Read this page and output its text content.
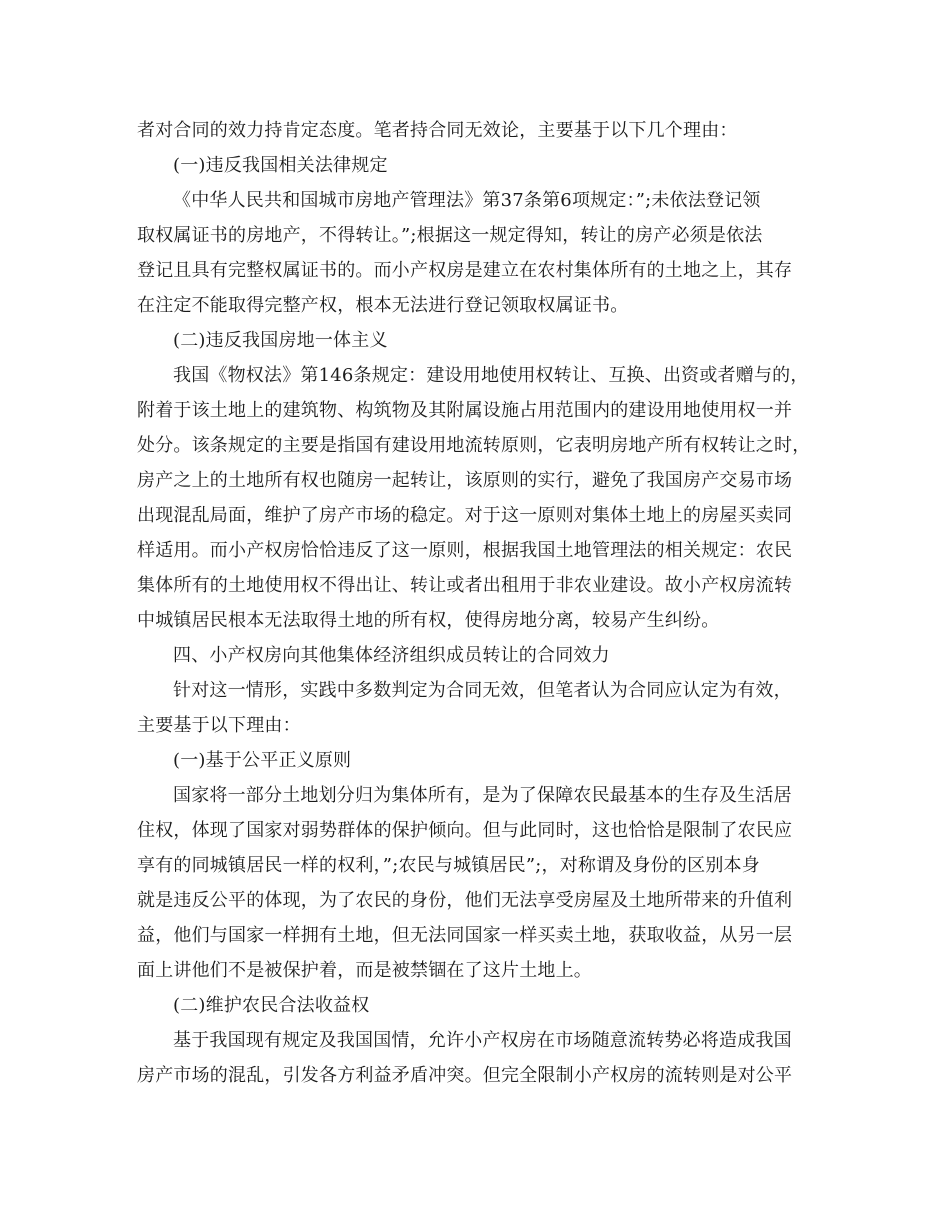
者对合同的效力持肯定态度。笔者持合同无效论，主要基于以下几个理由：

(一)违反我国相关法律规定

《中华人民共和国城市房地产管理法》第37条第6项规定：”;未依法登记领

取权属证书的房地产，不得转让。”;根据这一规定得知，转让的房产必须是依法

登记且具有完整权属证书的。而小产权房是建立在农村集体所有的土地之上，其存

在注定不能取得完整产权，根本无法进行登记领取权属证书。

(二)违反我国房地一体主义

我国《物权法》第146条规定：建设用地使用权转让、互换、出资或者赠与的，

附着于该土地上的建筑物、构筑物及其附属设施占用范围内的建设用地使用权一并

处分。该条规定的主要是指国有建设用地流转原则，它表明房地产所有权转让之时，

房产之上的土地所有权也随房一起转让，该原则的实行，避免了我国房产交易市场

出现混乱局面，维护了房产市场的稳定。对于这一原则对集体土地上的房屋买卖同

样适用。而小产权房恰恰违反了这一原则，根据我国土地管理法的相关规定：农民

集体所有的土地使用权不得出让、转让或者出租用于非农业建设。故小产权房流转

中城镇居民根本无法取得土地的所有权，使得房地分离，较易产生纠纷。

四、小产权房向其他集体经济组织成员转让的合同效力

针对这一情形，实践中多数判定为合同无效，但笔者认为合同应认定为有效，

主要基于以下理由：

(一)基于公平正义原则

国家将一部分土地划分归为集体所有，是为了保障农民最基本的生存及生活居

住权，体现了国家对弱势群体的保护倾向。但与此同时，这也恰恰是限制了农民应

享有的同城镇居民一样的权利，”;农民与城镇居民”;，对称谓及身份的区别本身

就是违反公平的体现，为了农民的身份，他们无法享受房屋及土地所带来的升值利

益，他们与国家一样拥有土地，但无法同国家一样买卖土地，获取收益，从另一层

面上讲他们不是被保护着，而是被禁锢在了这片土地上。

(二)维护农民合法收益权

基于我国现有规定及我国国情，允许小产权房在市场随意流转势必将造成我国

房产市场的混乱，引发各方利益矛盾冲突。但完全限制小产权房的流转则是对公平
